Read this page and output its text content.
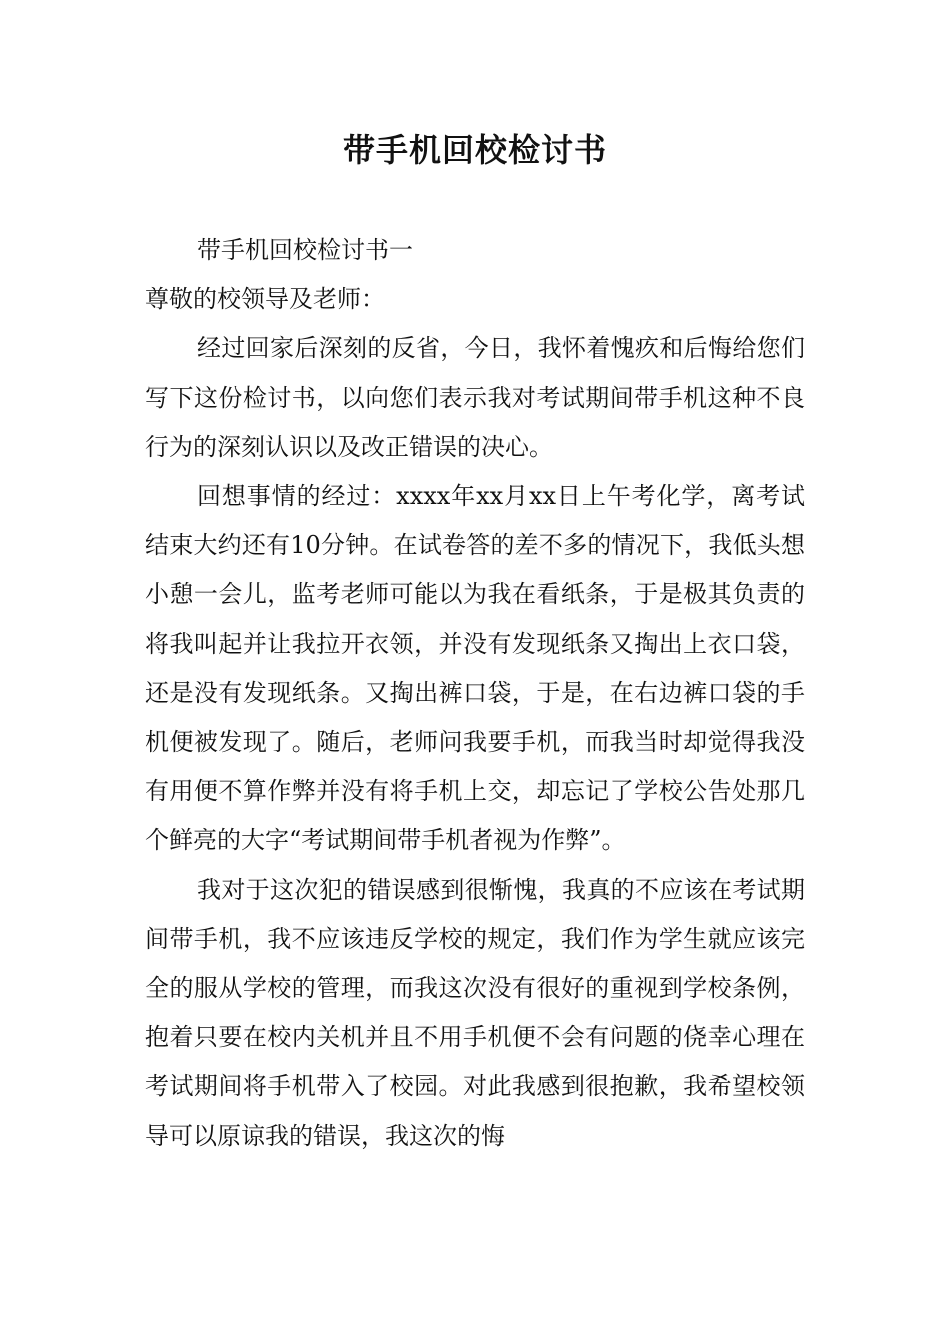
带手机回校检讨书

带手机回校检讨书一

尊敬的校领导及老师：

经过回家后深刻的反省，今日，我怀着愧疚和后悔给您们写下这份检讨书，以向您们表示我对考试期间带手机这种不良行为的深刻认识以及改正错误的决心。

回想事情的经过：xxxx年xx月xx日上午考化学，离考试结束大约还有10分钟。在试卷答的差不多的情况下，我低头想小憩一会儿，监考老师可能以为我在看纸条，于是极其负责的将我叫起并让我拉开衣领，并没有发现纸条又掏出上衣口袋，还是没有发现纸条。又掏出裤口袋，于是，在右边裤口袋的手机便被发现了。随后，老师问我要手机，而我当时却觉得我没有用便不算作弊并没有将手机上交，却忘记了学校公告处那几个鲜亮的大字“考试期间带手机者视为作弊”。

我对于这次犯的错误感到很惭愧，我真的不应该在考试期间带手机，我不应该违反学校的规定，我们作为学生就应该完全的服从学校的管理，而我这次没有很好的重视到学校条例，抱着只要在校内关机并且不用手机便不会有问题的侥幸心理在考试期间将手机带入了校园。对此我感到很抱歉，我希望校领导可以原谅我的错误，我这次的悔
